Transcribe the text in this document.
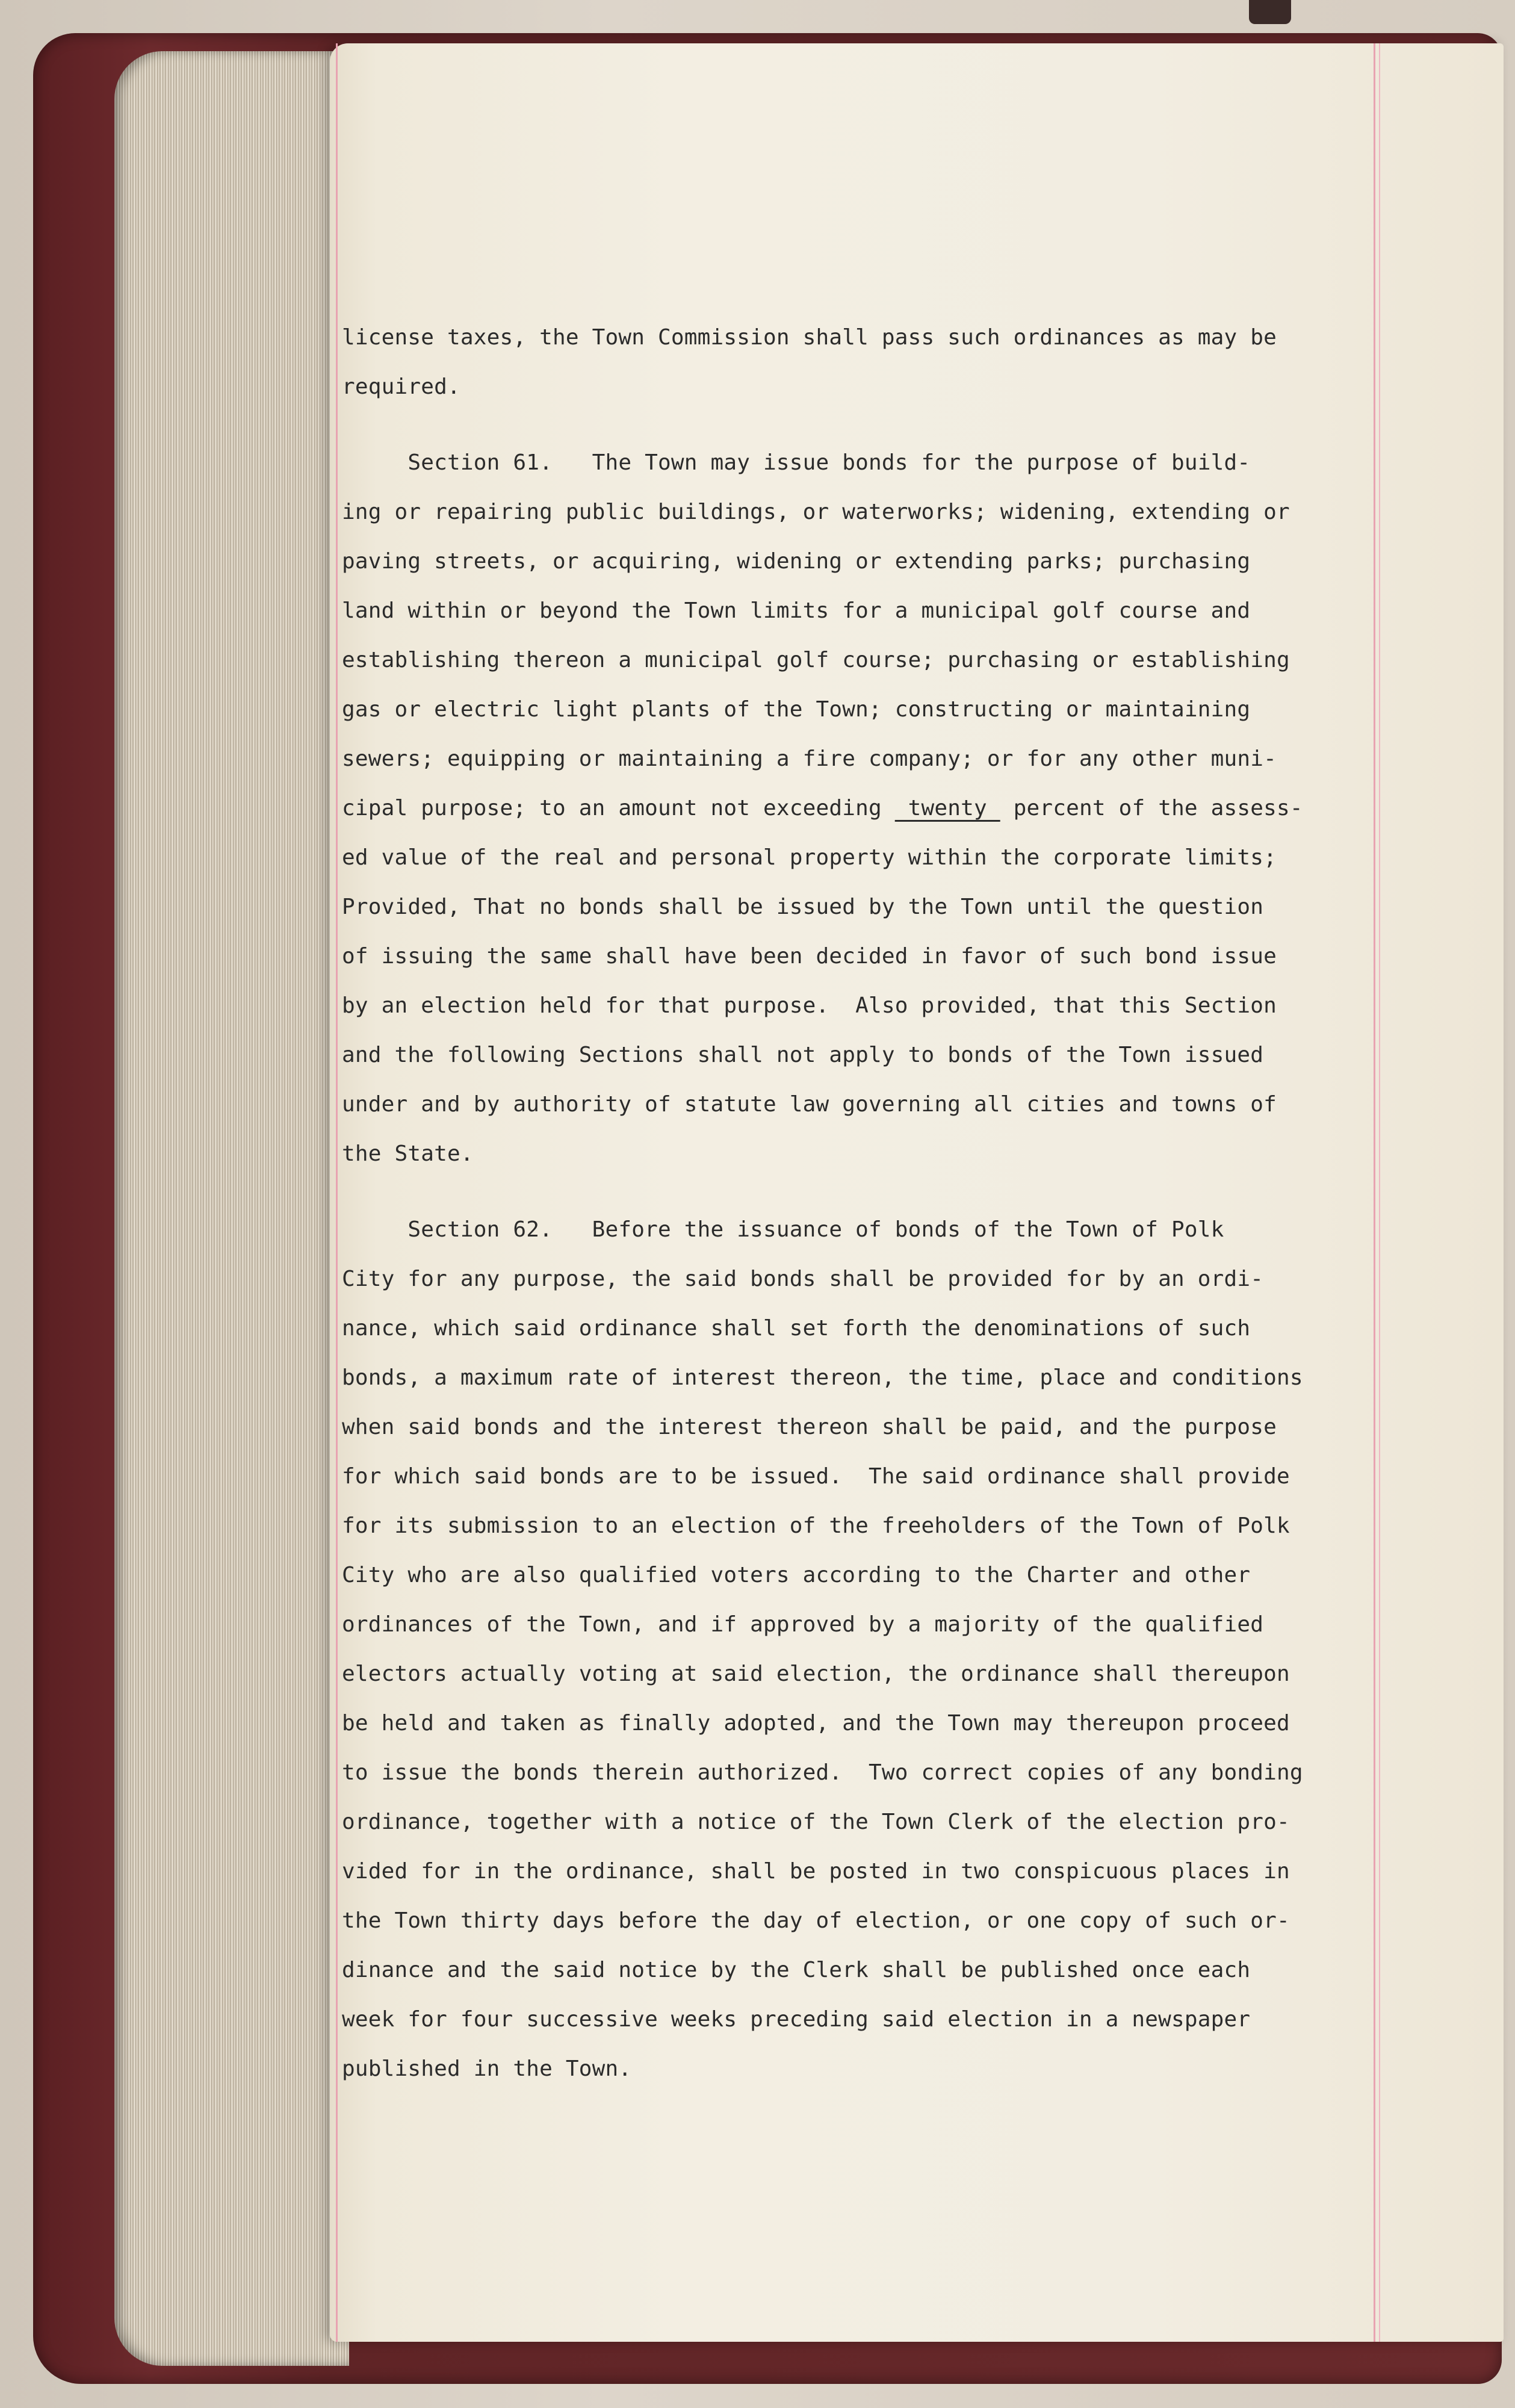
license taxes, the Town Commission shall pass such ordinances as may be
required.
Section 61.   The Town may issue bonds for the purpose of build-
ing or repairing public buildings, or waterworks; widening, extending or
paving streets, or acquiring, widening or extending parks; purchasing
land within or beyond the Town limits for a municipal golf course and
establishing thereon a municipal golf course; purchasing or establishing
gas or electric light plants of the Town; constructing or maintaining
sewers; equipping or maintaining a fire company; or for any other muni-
cipal purpose; to an amount not exceeding  twenty  percent of the assess-
ed value of the real and personal property within the corporate limits;
Provided, That no bonds shall be issued by the Town until the question
of issuing the same shall have been decided in favor of such bond issue
by an election held for that purpose.  Also provided, that this Section
and the following Sections shall not apply to bonds of the Town issued
under and by authority of statute law governing all cities and towns of
the State.
Section 62.   Before the issuance of bonds of the Town of Polk
City for any purpose, the said bonds shall be provided for by an ordi-
nance, which said ordinance shall set forth the denominations of such
bonds, a maximum rate of interest thereon, the time, place and conditions
when said bonds and the interest thereon shall be paid, and the purpose
for which said bonds are to be issued.  The said ordinance shall provide
for its submission to an election of the freeholders of the Town of Polk
City who are also qualified voters according to the Charter and other
ordinances of the Town, and if approved by a majority of the qualified
electors actually voting at said election, the ordinance shall thereupon
be held and taken as finally adopted, and the Town may thereupon proceed
to issue the bonds therein authorized.  Two correct copies of any bonding
ordinance, together with a notice of the Town Clerk of the election pro-
vided for in the ordinance, shall be posted in two conspicuous places in
the Town thirty days before the day of election, or one copy of such or-
dinance and the said notice by the Clerk shall be published once each
week for four successive weeks preceding said election in a newspaper
published in the Town.
